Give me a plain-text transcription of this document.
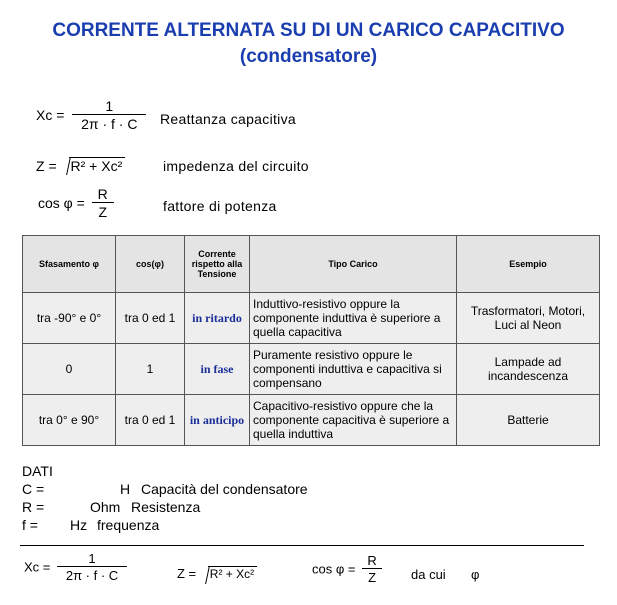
CORRENTE ALTERNATA SU DI UN CARICO CAPACITIVO
(condensatore)
$Xc = \frac{1}{2\pi \cdot f \cdot C}$ Reattanza capacitiva
Z = R² + Xc²	impedenza del circuito
$\cos \varphi = \frac{R}{Z}$	fattore di potenza
Sfasamento φ	cos(φ)	Corrente rispetto alla Tensione	Tipo Carico	Esempio
tra -90° e 0°	tra 0 ed 1	in ritardo	Induttivo-resistivo oppure la componente induttiva è superiore a quella capacitiva	Trasformatori, Motori, Luci al Neon
0	1	in fase	Puramente resistivo oppure le componenti induttiva e capacitiva si compensano	Lampade ad incandescenza
tra 0° e 90°	tra 0 ed 1	in anticipo	Capacitivo-resistivo oppure che la componente capacitiva è superiore a quella induttiva	Batterie
DATI
C =	H Capacità del condensatore
R =	Ohm Resistenza
f = Hz frequenza
$Xc = \frac{1}{2\pi \cdot f \cdot C}$	Z = R² + Xc²	$\cos \varphi = \frac{R}{Z}$ da cui φ
